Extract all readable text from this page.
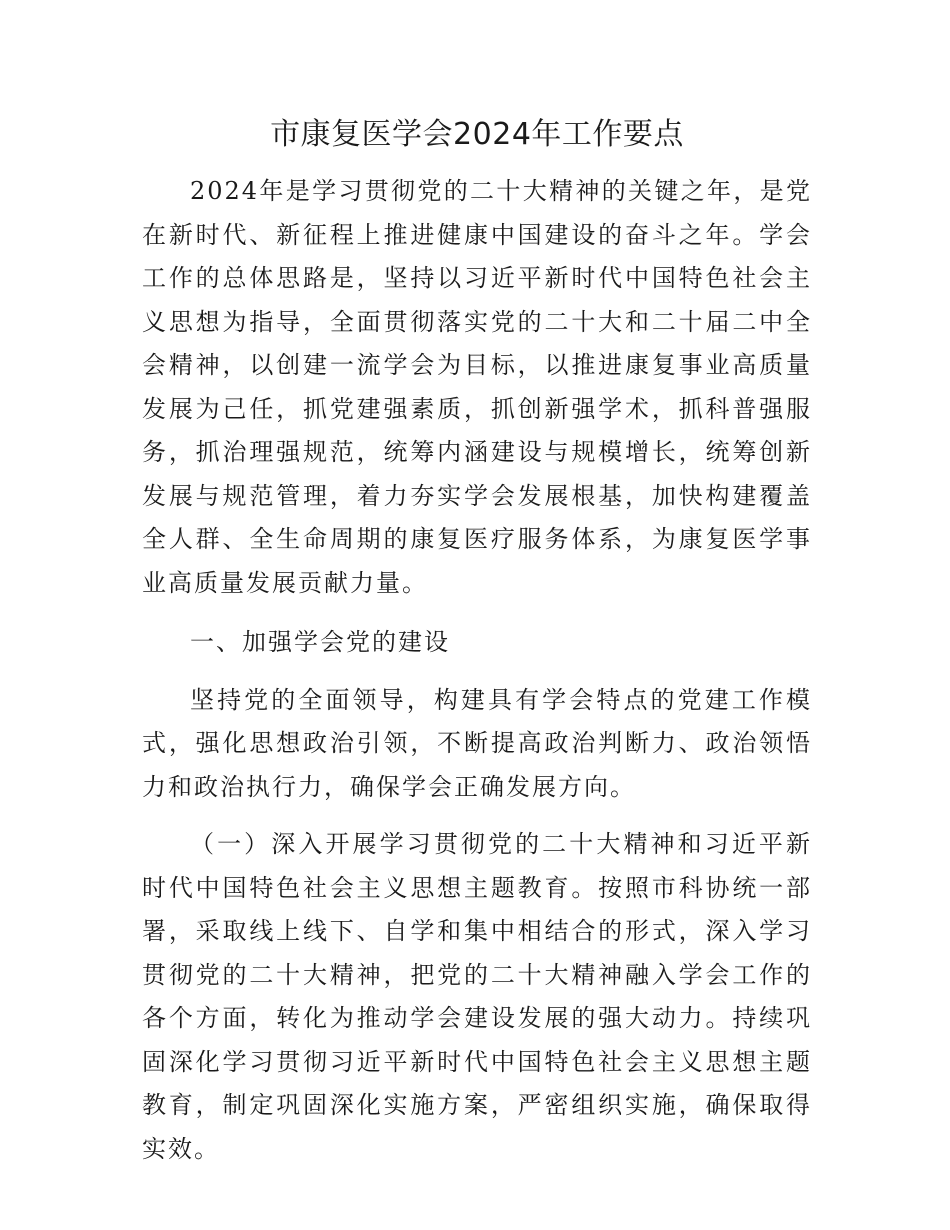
市康复医学会2024年工作要点

2024年是学习贯彻党的二十大精神的关键之年，是党在新时代、新征程上推进健康中国建设的奋斗之年。学会工作的总体思路是，坚持以习近平新时代中国特色社会主义思想为指导，全面贯彻落实党的二十大和二十届二中全会精神，以创建一流学会为目标，以推进康复事业高质量发展为己任，抓党建强素质，抓创新强学术，抓科普强服务，抓治理强规范，统筹内涵建设与规模增长，统筹创新发展与规范管理，着力夯实学会发展根基，加快构建覆盖全人群、全生命周期的康复医疗服务体系，为康复医学事业高质量发展贡献力量。

一、加强学会党的建设

坚持党的全面领导，构建具有学会特点的党建工作模式，强化思想政治引领，不断提高政治判断力、政治领悟力和政治执行力，确保学会正确发展方向。

（一）深入开展学习贯彻党的二十大精神和习近平新时代中国特色社会主义思想主题教育。按照市科协统一部署，采取线上线下、自学和集中相结合的形式，深入学习贯彻党的二十大精神，把党的二十大精神融入学会工作的各个方面，转化为推动学会建设发展的强大动力。持续巩固深化学习贯彻习近平新时代中国特色社会主义思想主题教育，制定巩固深化实施方案，严密组织实施，确保取得实效。
